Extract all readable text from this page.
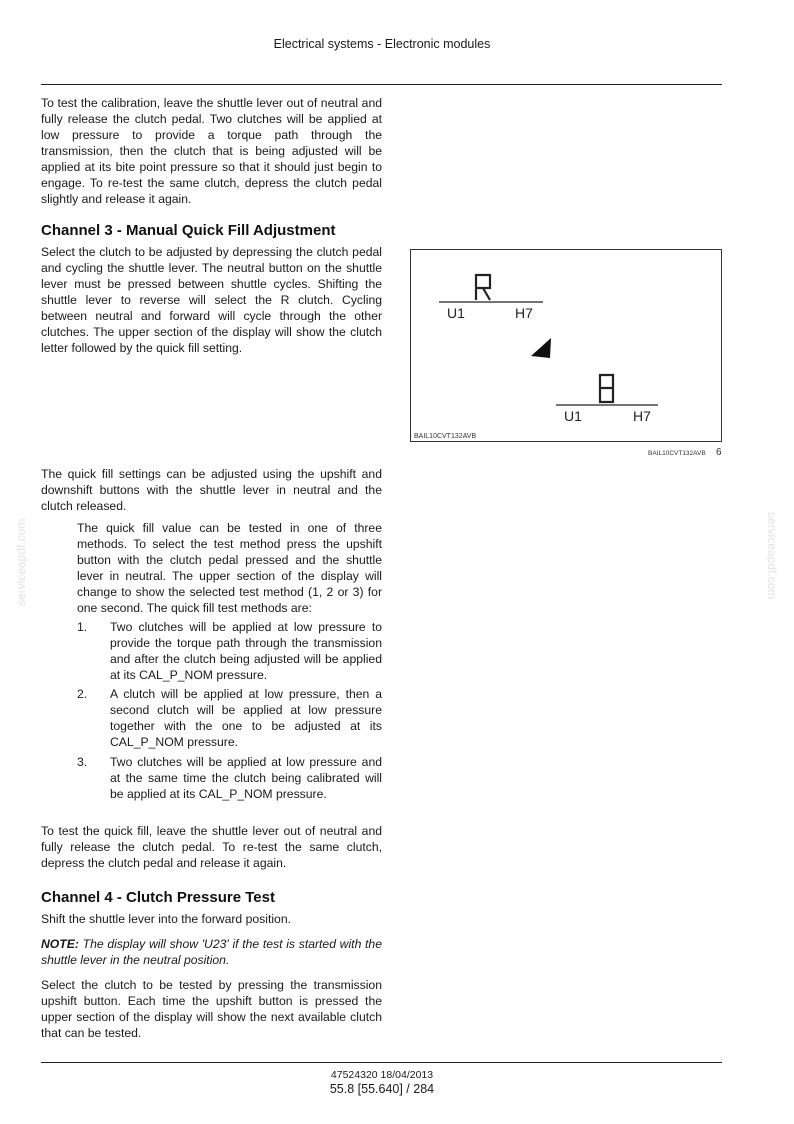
Electrical systems - Electronic modules

To test the calibration, leave the shuttle lever out of neutral and fully release the clutch pedal. Two clutches will be applied at low pressure to provide a torque path through the transmission, then the clutch that is being adjusted will be applied at its bite point pressure so that it should just begin to engage. To re-test the same clutch, depress the clutch pedal slightly and release it again.

Channel 3 - Manual Quick Fill Adjustment

Select the clutch to be adjusted by depressing the clutch pedal and cycling the shuttle lever. The neutral button on the shuttle lever must be pressed between shuttle cycles. Shifting the shuttle lever to reverse will select the R clutch. Cycling between neutral and forward will cycle through the other clutches. The upper section of the display will show the clutch letter followed by the quick fill setting.

U1	H7
U1	H7
BAIL10CVT132AVB
BAIL10CVT132AVB 6

The quick fill settings can be adjusted using the upshift and downshift buttons with the shuttle lever in neutral and the clutch released.

The quick fill value can be tested in one of three methods. To select the test method press the upshift button with the clutch pedal pressed and the shuttle lever in neutral. The upper section of the display will change to show the selected test method (1, 2 or 3) for one second. The quick fill test methods are:

1. Two clutches will be applied at low pressure to provide the torque path through the transmission and after the clutch being adjusted will be applied at its CAL_P_NOM pressure.
2. A clutch will be applied at low pressure, then a second clutch will be applied at low pressure together with the one to be adjusted at its CAL_P_NOM pressure.
3. Two clutches will be applied at low pressure and at the same time the clutch being calibrated will be applied at its CAL_P_NOM pressure.

To test the quick fill, leave the shuttle lever out of neutral and fully release the clutch pedal. To re-test the same clutch, depress the clutch pedal and release it again.

Channel 4 - Clutch Pressure Test

Shift the shuttle lever into the forward position.

NOTE: The display will show 'U23' if the test is started with the shuttle lever in the neutral position.

Select the clutch to be tested by pressing the transmission upshift button. Each time the upshift button is pressed the upper section of the display will show the next available clutch that can be tested.

serviceapdf.com	serviceapdf.com
47524320 18/04/2013
55.8 [55.640] / 284
